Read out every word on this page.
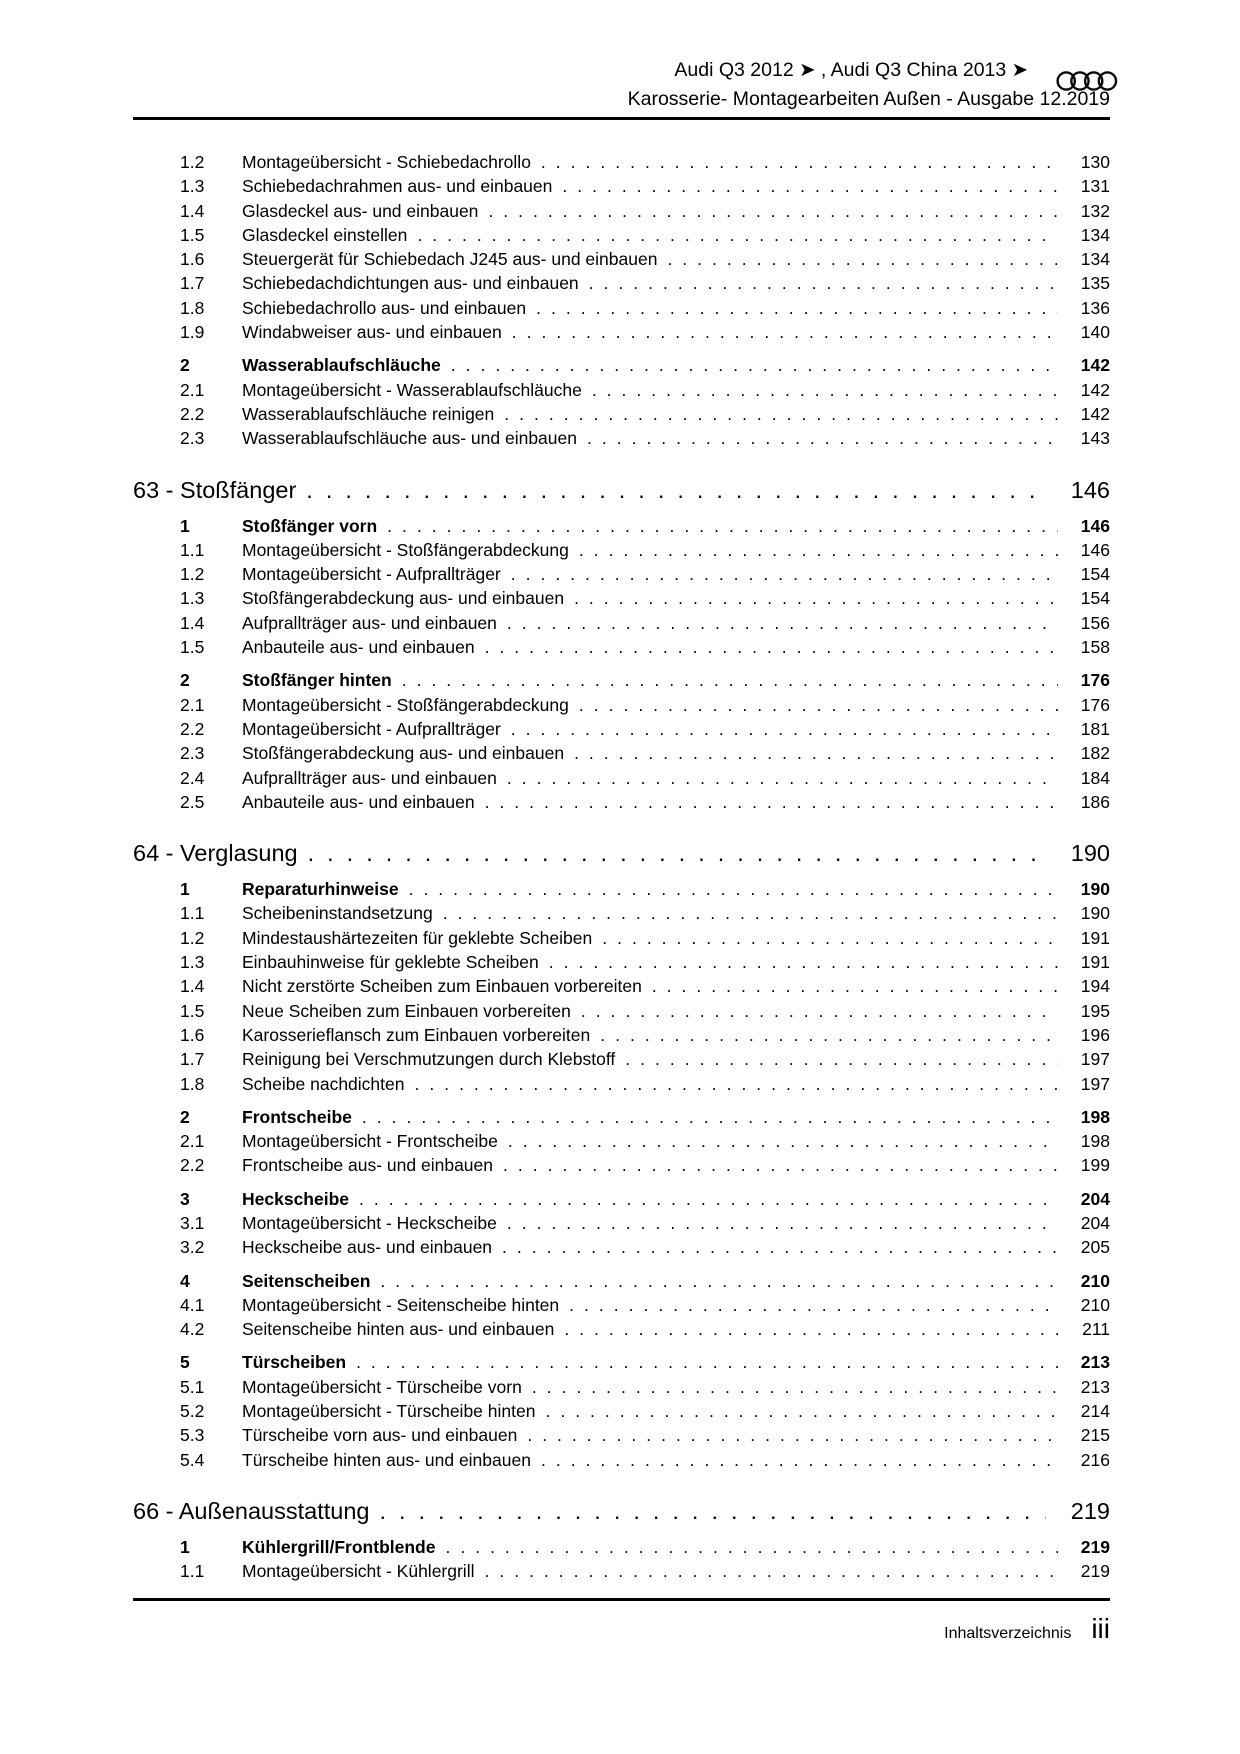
Audi Q3 2012 ➤ , Audi Q3 China 2013 ➤
Karosserie- Montagearbeiten Außen - Ausgabe 12.2019
1.2	Montageübersicht - Schiebedachrollo .....	130
1.3	Schiebedachrahmen aus- und einbauen .....	131
1.4	Glasdeckel aus- und einbauen .....	132
1.5	Glasdeckel einstellen .....	134
1.6	Steuergerät für Schiebedach J245 aus- und einbauen .....	134
1.7	Schiebedachdichtungen aus- und einbauen .....	135
1.8	Schiebedachrollo aus- und einbauen .....	136
1.9	Windabweiser aus- und einbauen .....	140
2	Wasserablaufschläuche .....	142
2.1	Montageübersicht - Wasserablaufschläuche .....	142
2.2	Wasserablaufschläuche reinigen .....	142
2.3	Wasserablaufschläuche aus- und einbauen .....	143
63 - Stoßfänger .....	146
1	Stoßfänger vorn .....	146
1.1	Montageübersicht - Stoßfängerabdeckung .....	146
1.2	Montageübersicht - Aufprallträger .....	154
1.3	Stoßfängerabdeckung aus- und einbauen .....	154
1.4	Aufprallträger aus- und einbauen .....	156
1.5	Anbauteile aus- und einbauen .....	158
2	Stoßfänger hinten .....	176
2.1	Montageübersicht - Stoßfängerabdeckung .....	176
2.2	Montageübersicht - Aufprallträger .....	181
2.3	Stoßfängerabdeckung aus- und einbauen .....	182
2.4	Aufprallträger aus- und einbauen .....	184
2.5	Anbauteile aus- und einbauen .....	186
64 - Verglasung .....	190
1	Reparaturhinweise .....	190
1.1	Scheibeninstandsetzung .....	190
1.2	Mindestaushärtezeiten für geklebte Scheiben .....	191
1.3	Einbauhinweise für geklebte Scheiben .....	191
1.4	Nicht zerstörte Scheiben zum Einbauen vorbereiten .....	194
1.5	Neue Scheiben zum Einbauen vorbereiten .....	195
1.6	Karosserieflansch zum Einbauen vorbereiten .....	196
1.7	Reinigung bei Verschmutzungen durch Klebstoff .....	197
1.8	Scheibe nachdichten .....	197
2	Frontscheibe .....	198
2.1	Montageübersicht - Frontscheibe .....	198
2.2	Frontscheibe aus- und einbauen .....	199
3	Heckscheibe .....	204
3.1	Montageübersicht - Heckscheibe .....	204
3.2	Heckscheibe aus- und einbauen .....	205
4	Seitenscheiben .....	210
4.1	Montageübersicht - Seitenscheibe hinten .....	210
4.2	Seitenscheibe hinten aus- und einbauen .....	211
5	Türscheiben .....	213
5.1	Montageübersicht - Türscheibe vorn .....	213
5.2	Montageübersicht - Türscheibe hinten .....	214
5.3	Türscheibe vorn aus- und einbauen .....	215
5.4	Türscheibe hinten aus- und einbauen .....	216
66 - Außenausstattung .....	219
1	Kühlergrill/Frontblende .....	219
1.1	Montageübersicht - Kühlergrill .....	219
Inhaltsverzeichnis iii
